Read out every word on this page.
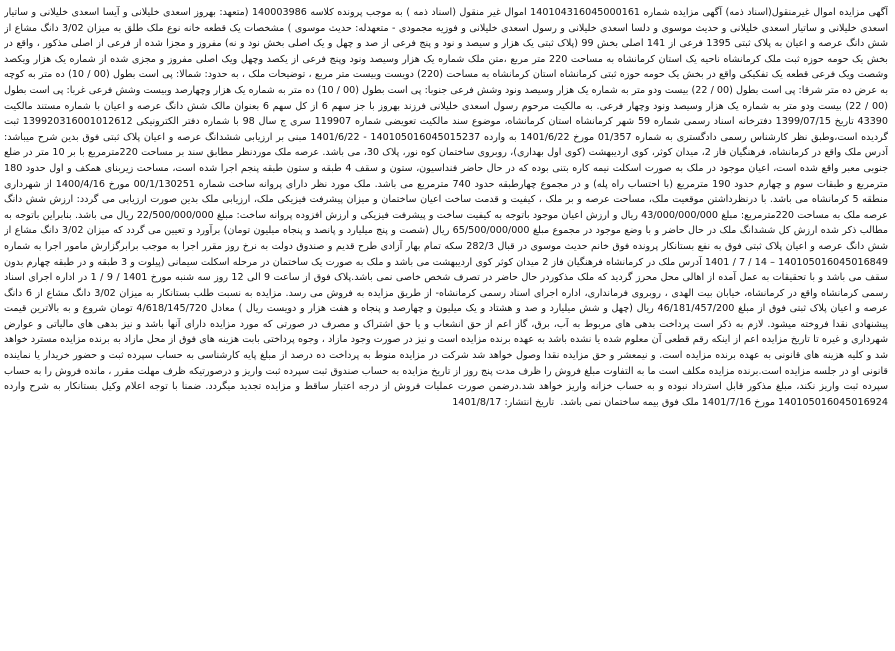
آگهی مزایده اموال غیرمنقول(اسناد ذمه) آگهی مزایده شماره 140104316045000161 اموال غیر منقول (اسناد ذمه ) به موجب پرونده کلاسه 140003986 (متعهد: بهروز اسعدی خلیلانی و آیسا اسعدی خلیلانی و ساتیار اسعدی خلیلانی و ساتیار اسعدی خلیلانی و حدیث موسوی و دلسا اسعدی خلیلانی و رسول اسعدی خلیلانی و فوزیه مجمودی - متعهدله: حدیث موسوی ) مشخصات یک قطعه خانه نوع ملک طلق به میزان 3/02 دانگ مشاع از شش دانگ عرصه و اعیان به پلاک ثبتی 1395 فرعی از 141 اصلی بخش 99 (پلاک ثبتی یک هزار و سیصد و نود و پنج فرعی از صد و چهل و یک اصلی بخش نود و نه) مفروز و مجزا شده از فرعی از اصلی مذکور ، واقع در بخش یک حومه حوزه ثبت ملک کرمانشاه ناحیه یک استان کرمانشاه به مساحت 220 متر مربع ،متن ملک شماره یک هزار وسیصد ونود وپنج فرعی از یکصد وچهل ویک اصلی مفروز و مجزی شده از شماره یک هزار ویکصد وشصت ویک فرعی قطعه یک تفکیکی واقع در بخش یک حومه حوزه ثبتی کرمانشاه استان کرمانشاه به مساحت (220) دویست وبیست متر مربع ، توضیحات ملک ، به حدود: شمالا: پی است بطول (00 / 10) ده متر به کوچه به عرض ده متر شرقا: پی است بطول (00 / 22) بیست ودو متر به شماره یک هزار وسیصد ونود وشش فرعی جنوبا: پی است بطول (00 / 10) ده متر به شماره یک هزار وچهارصد وبیست وشش فرعی غربا: پی است بطول (00 / 22) بیست ودو متر به شماره یک هزار وسیصد ونود وچهار فرعی. به مالکیت مرحوم رسول اسعدی خلیلانی فرزند بهروز با جز سهم 6 از کل سهم 6 بعنوان مالک شش دانگ عرصه و اعیان با شماره مستند مالکیت 43390 تاریخ 1399/07/15 دفترخانه اسناد رسمی شماره 59 شهر کرمانشاه استان کرمانشاه، موضوع سند مالکیت تعویضی شماره 119907 سری ج سال 98 با شماره دفتر الکترونیکی 139920316001012612 ثبت گردیده است،وطبق نظر کارشناس رسمی دادگستری به شماره 01/357 مورخ 1401/6/22 به وارده 140105016045015237 - 1401/6/22 مبنی بر ارزیابی ششدانگ عرصه و اعیان پلاک ثبتی فوق بدین شرح میباشد: آدرس ملک واقع در کرمانشاه، فرهنگیان فاز 2، میدان کوثر، کوی اردیبهشت (کوی اول بهداری)، روبروی ساختمان کوه نور، پلاک 30، می باشد. عرصه ملک موردنظر مطابق سند بر مساحت 220مترمربع با بر 10 متر در ضلع جنوبی معبر واقع شده است، اعیان موجود در ملک به صورت اسکلت نیمه کاره بتنی بوده که در حال حاضر فنداسیون، ستون و سقف 4 طبقه و ستون طبقه پنجم اجرا شده است، مساحت زیربنای همکف و اول حدود 180 مترمربع و طبقات سوم و چهارم حدود 190 مترمربع (با احتساب راه پله) و در مجموع چهارطبقه حدود 740 مترمربع می باشد. ملک مورد نظر دارای پروانه ساخت شماره 00/1/130251 مورخ 1400/4/16 از شهرداری منطقه 5 کرمانشاه می باشد. با درنظرداشتن موقعیت ملک، مساحت عرصه و بر ملک ، کیفیت و قدمت ساخت اعیان ساختمان و میزان پیشرفت فیزیکی ملک، ارزیابی ملک بدین صورت ارزیابی می گردد: ارزش شش دانگ عرصه ملک به مساحت 220مترمربع: مبلغ 43/000/000/000 ریال و ارزش اعیان موجود باتوجه به کیفیت ساخت و پیشرفت فیزیکی و ارزش افزوده پروانه ساخت: مبلغ 22/500/000/000 ریال می باشد. بنابراین باتوجه به مطالب ذکر شده ارزش کل ششدانگ ملک در حال حاضر و با وضع موجود در مجموع مبلغ 65/500/000/000 ریال (شصت و پنج میلیارد و پانصد و پنجاه میلیون تومان) برآورد و تعیین می گردد که میزان 3/02 دانگ مشاع از شش دانگ عرصه و اعیان پلاک ثبتی فوق به نفع بستانکار پرونده فوق خانم حدیث موسوی در قبال 282/3 سکه تمام بهار آزادی طرح قدیم و صندوق دولت به نرخ روز مقرر اجرا به موجب برابرگزارش مامور اجرا به شماره 140105016045016849 – 14 / 7 / 1401 آدرس ملک در کرمانشاه فرهنگیان فاز 2 میدان کوثر کوی اردیبهشت می باشد و ملک به صورت یک ساختمان در مرحله اسکلت سیمانی (پیلوت و 3 طبقه و در طبقه چهارم بدون سقف می باشد و با تحقیقات به عمل آمده از اهالی محل محرز گردید که ملک مذکوردر حال حاضر در تصرف شخص خاصی نمی باشد.پلاک فوق از ساعت 9 الی 12 روز سه شنبه مورخ 1401 / 9 / 1 در اداره اجرای اسناد رسمی کرمانشاه واقع در کرمانشاه، خیابان بیت الهدی ، روبروی فرمانداری، اداره اجرای اسناد رسمی کرمانشاه- از طریق مزایده به فروش می رسد. مزایده به نسبت طلب بستانکار به میزان 3/02 دانگ مشاع از 6 دانگ عرصه و اعیان پلاک ثبتی فوق از مبلغ 46/181/457/200 ریال (چهل و شش میلیارد و صد و هشتاد و یک میلیون و چهارصد و پنجاه و هفت هزار و دویست ریال ) معادل 4/618/145/720 تومان شروع و به بالاترین قیمت پیشنهادی نقدا فروخته میشود. لازم به ذکر است پرداخت بدهی های مربوط به آب، برق، گاز اعم از حق انشعاب و یا حق اشتراک و مصرف در صورتی که مورد مزایده دارای آنها باشد و نیز بدهی های مالیاتی و عوارض شهرداری و غیره تا تاریخ مزایده اعم از اینکه رقم قطعی آن معلوم شده یا نشده باشد به عهده برنده مزایده است و نیز در صورت وجود مازاد ، وجوه پرداختی بابت هزینه های فوق از محل مازاد به برنده مزایده مسترد خواهد شد و کلیه هزینه های قانونی به عهده برنده مزایده است. و نیمعشر و حق مزایده نقدا وصول خواهد شد شرکت در مزایده منوط به پرداخت ده درصد از مبلغ پایه کارشناسی به حساب سپرده ثبت و حضور خریدار یا نماینده قانونی او در جلسه مزایده است.برنده مزایده مکلف است ما به التفاوت مبلغ فروش را ظرف مدت پنج روز از تاریخ مزایده به حساب صندوق ثبت سپرده ثبت واریز و درصورتیکه ظرف مهلت مقرر ، مانده فروش را به حساب سپرده ثبت واریز نکند، مبلغ مذکور قابل استرداد نبوده و به حساب خزانه واریز خواهد شد.درضمن صورت عملیات فروش از درجه اعتبار ساقط و مزایده تجدید میگردد. ضمنا با توجه اعلام وکیل بستانکار به شرح وارده 140105016045016924 مورخ 1401/7/16 ملک فوق بیمه ساختمان نمی باشد. تاریخ انتشار: 1401/8/17
